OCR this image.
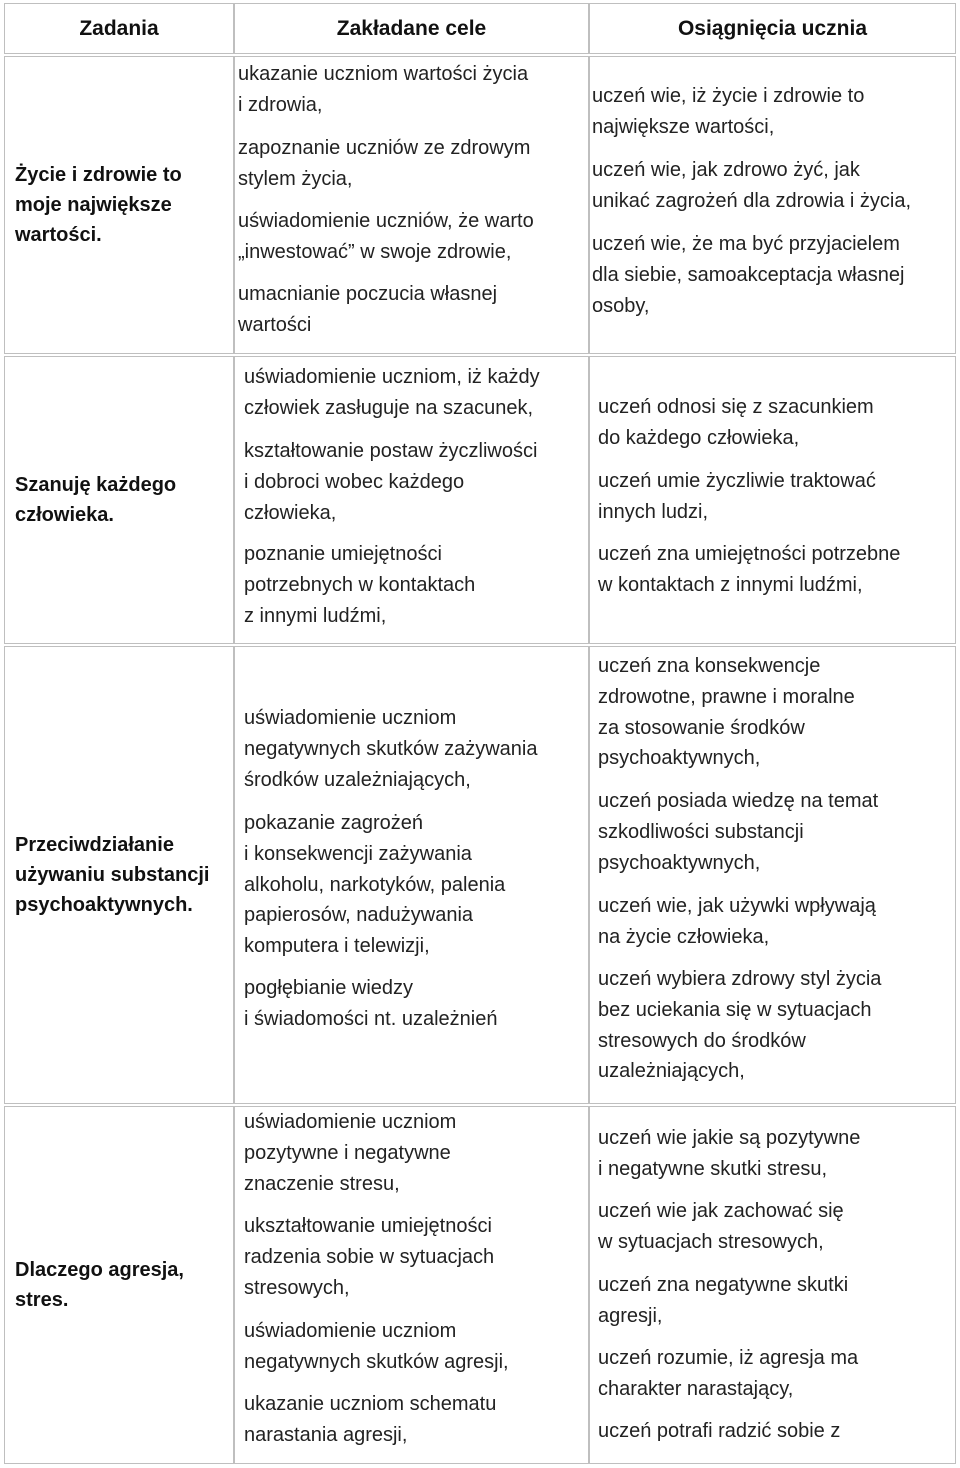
Zadania	Zakładane cele	Osiągnięcia ucznia
Życie i zdrowie to
moje największe
wartości.
Szanuję każdego
człowieka.
Przeciwdziałanie
używaniu substancji
psychoaktywnych.
Dlaczego agresja,
stres.

ukazanie uczniom wartości życia
i zdrowia,

zapoznanie uczniów ze zdrowym
stylem życia,

uświadomienie uczniów, że warto
„inwestować” w swoje zdrowie,

umacnianie poczucia własnej
wartości

uczeń wie, iż życie i zdrowie to
największe wartości,

uczeń wie, jak zdrowo żyć, jak
unikać zagrożeń dla zdrowia i życia,

uczeń wie, że ma być przyjacielem
dla siebie, samoakceptacja własnej
osoby,

uświadomienie uczniom, iż każdy
człowiek zasługuje na szacunek,

kształtowanie postaw życzliwości
i dobroci wobec każdego
człowieka,

poznanie umiejętności
potrzebnych w kontaktach
z innymi ludźmi,

uczeń odnosi się z szacunkiem
do każdego człowieka,

uczeń umie życzliwie traktować
innych ludzi,

uczeń zna umiejętności potrzebne
w kontaktach z innymi ludźmi,

uświadomienie uczniom
negatywnych skutków zażywania
środków uzależniających,

pokazanie zagrożeń
i konsekwencji zażywania
alkoholu, narkotyków, palenia
papierosów, nadużywania
komputera i telewizji,

pogłębianie wiedzy
i świadomości nt. uzależnień

uczeń zna konsekwencje
zdrowotne, prawne i moralne
za stosowanie środków
psychoaktywnych,

uczeń posiada wiedzę na temat
szkodliwości substancji
psychoaktywnych,

uczeń wie, jak używki wpływają
na życie człowieka,

uczeń wybiera zdrowy styl życia
bez uciekania się w sytuacjach
stresowych do środków
uzależniających,

uświadomienie uczniom
pozytywne i negatywne
znaczenie stresu,

ukształtowanie umiejętności
radzenia sobie w sytuacjach
stresowych,

uświadomienie uczniom
negatywnych skutków agresji,

ukazanie uczniom schematu
narastania agresji,

uczeń wie jakie są pozytywne
i negatywne skutki stresu,

uczeń wie jak zachować się
w sytuacjach stresowych,

uczeń zna negatywne skutki
agresji,

uczeń rozumie, iż agresja ma
charakter narastający,

uczeń potrafi radzić sobie z
